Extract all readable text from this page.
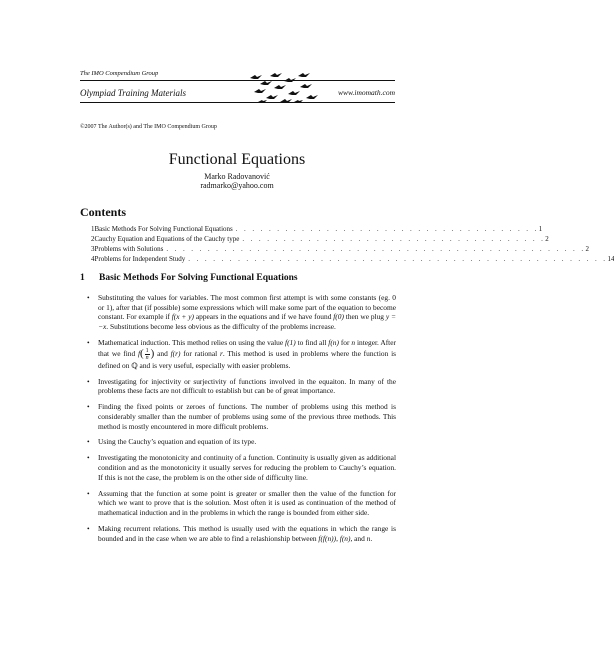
The IMO Compendium Group
Olympiad Training Materials	www.imomath.com
©2007 The Author(s) and The IMO Compendium Group
Functional Equations
Marko Radovanović
radmarko@yahoo.com
Contents
1 Basic Methods For Solving Functional Equations . . . . . . . . . . . . . . . . . . . . . . . . . . . . . . . . . . . . . 1
2 Cauchy Equation and Equations of the Cauchy type . . . . . . . . . . . . . . . . . . . . . . . . . . . . . . . . . . . . . 2
3 Problems with Solutions . . . . . . . . . . . . . . . . . . . . . . . . . . . . . . . . . . . . . . . . . . . . . . . . . . . 2
4 Problems for Independent Study . . . . . . . . . . . . . . . . . . . . . . . . . . . . . . . . . . . . . . . . . . . . . . . . . . . 14
1 Basic Methods For Solving Functional Equations
• Substituting the values for variables. The most common first attempt is with some constants (eg. 0 or 1), after that (if possible) some expressions which will make some part of the equation to become constant. For example if f(x + y) appears in the equations and if we have found f(0) then we plug y = −x. Substitutions become less obvious as the difficulty of the problems increase.
• Mathematical induction. This method relies on using the value f(1) to find all f(n) for n integer. After that we find $f( \frac{1}{n}$ ) and f(r) for rational r. This method is used in problems where the function is defined on ℚ and is very useful, especially with easier problems.
• Investigating for injectivity or surjectivity of functions involved in the equaiton. In many of the problems these facts are not difficult to establish but can be of great importance.
• Finding the fixed points or zeroes of functions. The number of problems using this method is considerably smaller than the number of problems using some of the previous three methods. This method is mostly encountered in more difficult problems.
• Using the Cauchy’s equation and equation of its type.
• Investigating the monotonicity and continuity of a function. Continuity is usually given as additional condition and as the monotonicity it usually serves for reducing the problem to Cauchy’s equation. If this is not the case, the problem is on the other side of difficulty line.
• Assuming that the function at some point is greater or smaller then the value of the function for which we want to prove that is the solution. Most often it is used as continuation of the method of mathematical induction and in the problems in which the range is bounded from either side.
• Making recurrent relations. This method is usually used with the equations in which the range is bounded and in the case when we are able to find a relashionship between f(f(n)), f(n), and n.
